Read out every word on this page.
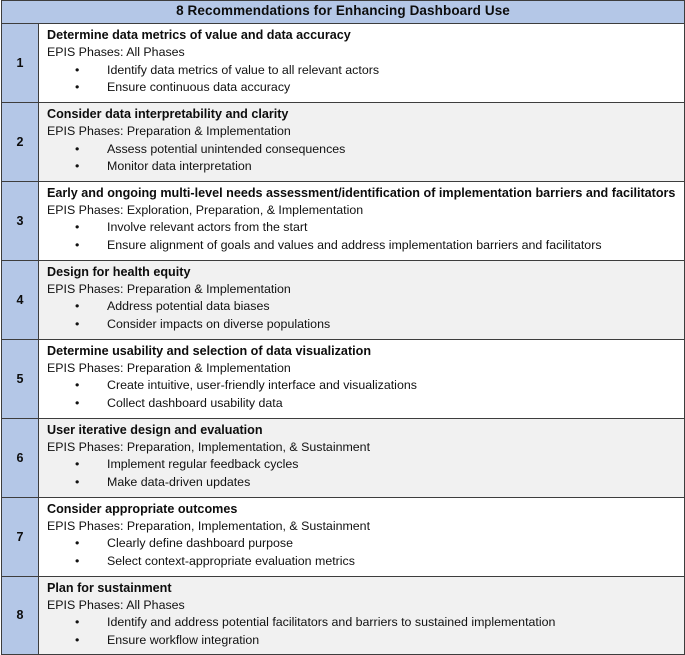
8 Recommendations for Enhancing Dashboard Use	
1	
Determine data metrics of value and data accuracy
EPIS Phases: All Phases
• Identify data metrics of value to all relevant actors
• Ensure continuous data accuracy

2	
Consider data interpretability and clarity
EPIS Phases: Preparation & Implementation
• Assess potential unintended consequences
• Monitor data interpretation

3	
Early and ongoing multi-level needs assessment/identification of implementation barriers and facilitators
EPIS Phases: Exploration, Preparation, & Implementation
• Involve relevant actors from the start
• Ensure alignment of goals and values and address implementation barriers and facilitators

4	
Design for health equity
EPIS Phases: Preparation & Implementation
• Address potential data biases
• Consider impacts on diverse populations

5	
Determine usability and selection of data visualization
EPIS Phases: Preparation & Implementation
• Create intuitive, user-friendly interface and visualizations
• Collect dashboard usability data

6	
User iterative design and evaluation
EPIS Phases: Preparation, Implementation, & Sustainment
• Implement regular feedback cycles
• Make data-driven updates

7	
Consider appropriate outcomes
EPIS Phases: Preparation, Implementation, & Sustainment
• Clearly define dashboard purpose
• Select context-appropriate evaluation metrics

8	
Plan for sustainment
EPIS Phases: All Phases
• Identify and address potential facilitators and barriers to sustained implementation
• Ensure workflow integration
